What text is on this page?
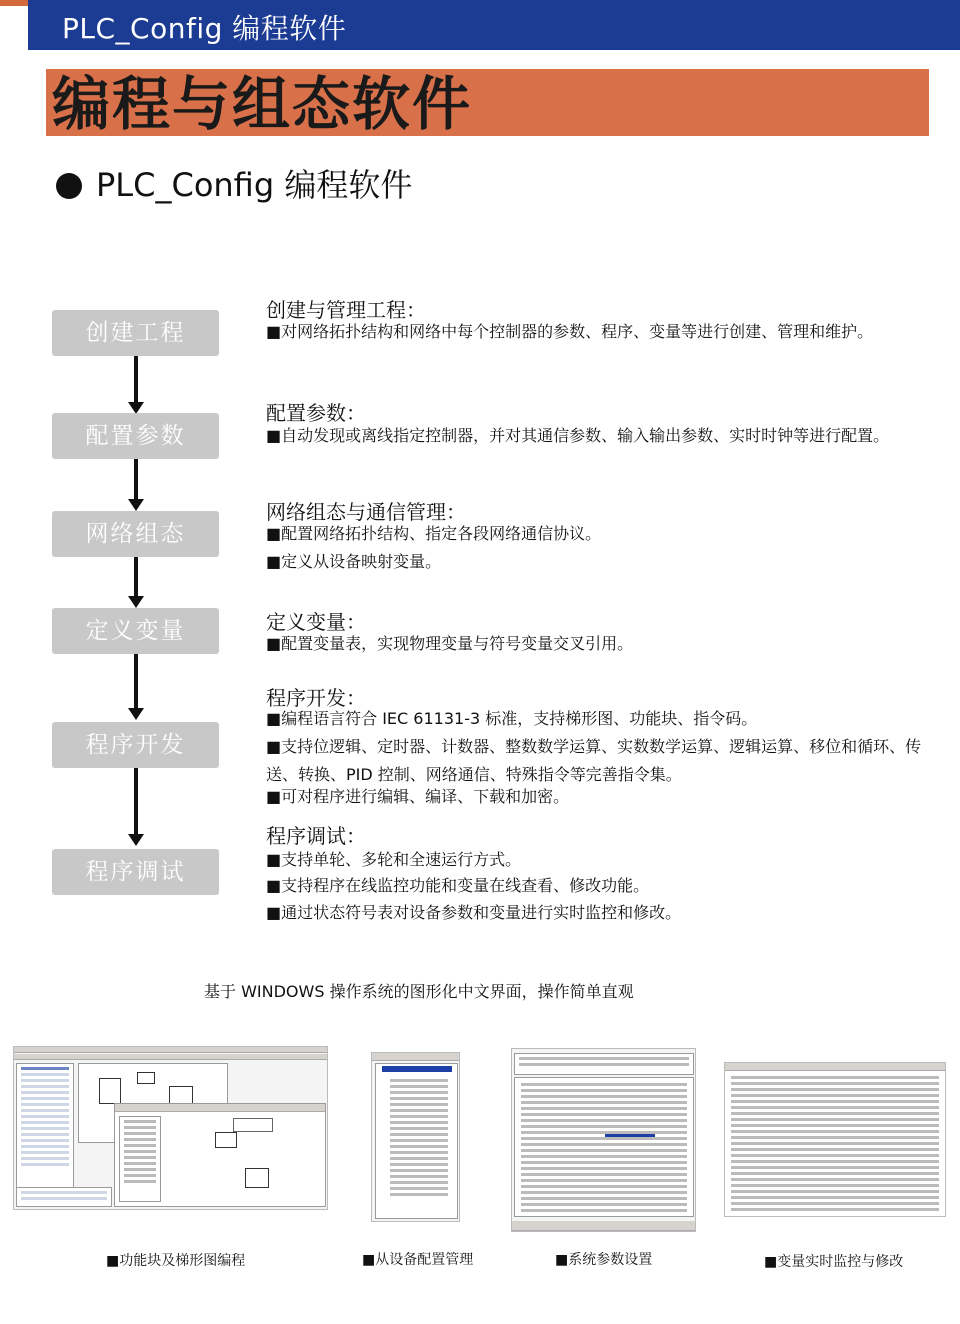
PLC_Config 编程软件
编程与组态软件
PLC_Config 编程软件
创建工程
配置参数
网络组态
定义变量
程序开发
程序调试
创建与管理工程：
■对网络拓扑结构和网络中每个控制器的参数、程序、变量等进行创建、管理和维护。
配置参数：
■自动发现或离线指定控制器，并对其通信参数、输入输出参数、实时时钟等进行配置。
网络组态与通信管理：
■配置网络拓扑结构、指定各段网络通信协议。
■定义从设备映射变量。
定义变量：
■配置变量表，实现物理变量与符号变量交叉引用。
程序开发：
■编程语言符合 IEC 61131-3 标准，支持梯形图、功能块、指令码。
■支持位逻辑、定时器、计数器、整数数学运算、实数数学运算、逻辑运算、移位和循环、传送、转换、PID 控制、网络通信、特殊指令等完善指令集。
■可对程序进行编辑、编译、下载和加密。
程序调试：
■支持单轮、多轮和全速运行方式。
■支持程序在线监控功能和变量在线查看、修改功能。
■通过状态符号表对设备参数和变量进行实时监控和修改。
基于 WINDOWS 操作系统的图形化中文界面，操作简单直观
■功能块及梯形图编程	■从设备配置管理	■系统参数设置	■变量实时监控与修改
